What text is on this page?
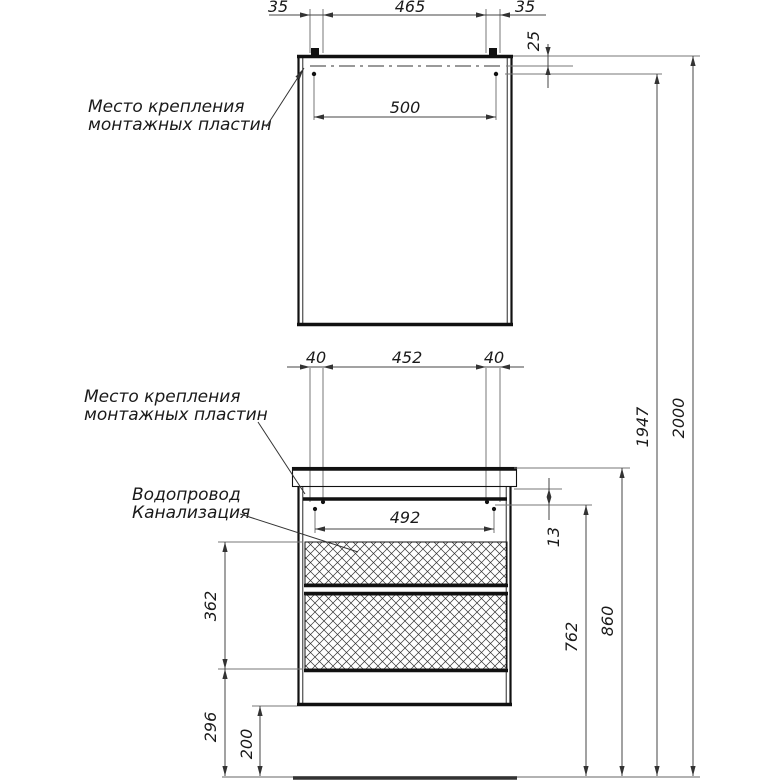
35	465	35
25
500
Место крепления
монтажных пластин
40	452	40
492
13
Место крепления
монтажных пластин
Водопровод
Канализация
362
296
200
762
860
1947 2000
